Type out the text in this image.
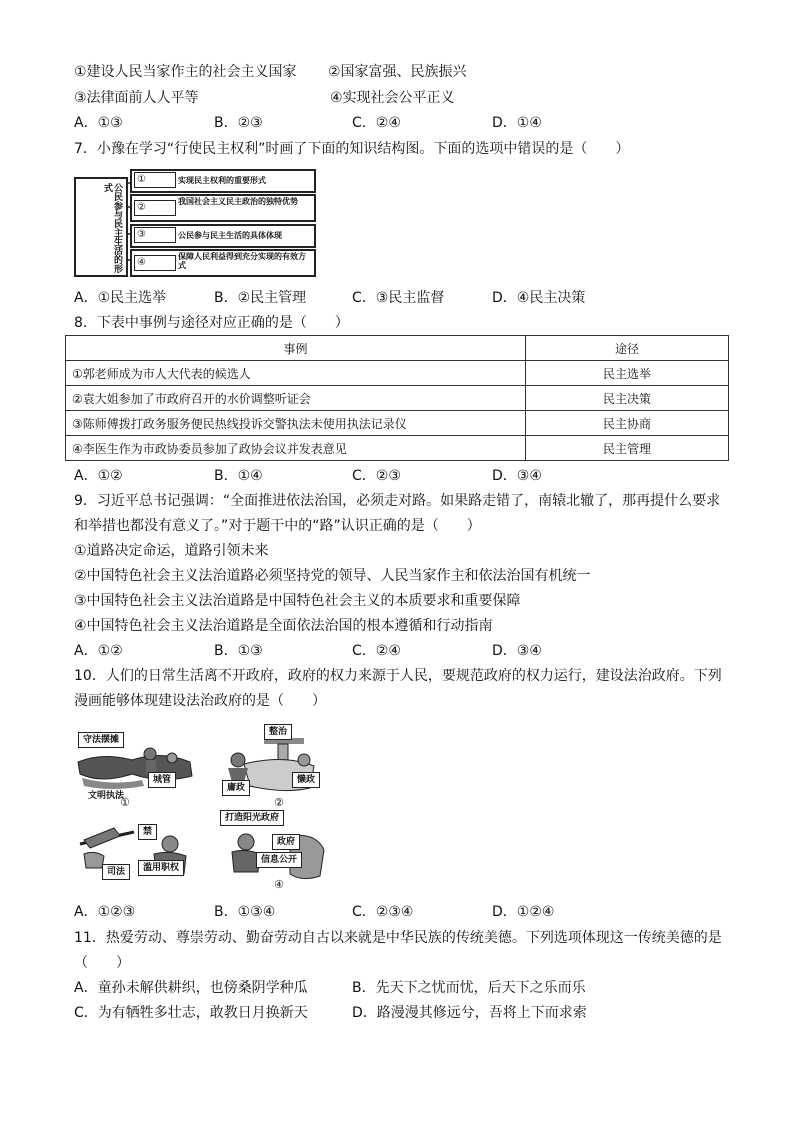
①建设人民当家作主的社会主义国家 ②国家富强、民族振兴
③法律面前人人平等	④实现社会公平正义
A．①③	B．②③	C．②④	D．①④
7．小豫在学习“行使民主权利”时画了下面的知识结构图。下面的选项中错误的是（　　）
公民参与民主生活的形式
①	实现民主权利的重要形式
②
我国社会主义民主政治的独特优势
③	公民参与民主生活的具体体现
④
保障人民利益得到充分实现的有效方式
A．①民主选举	B．②民主管理	C．③民主监督	D．④民主决策
8．下表中事例与途径对应正确的是（　　）
事例	途径
①郭老师成为市人大代表的候选人	民主选举
②袁大姐参加了市政府召开的水价调整听证会	民主决策
③陈师傅拨打政务服务便民热线投诉交警执法未使用执法记录仪	民主协商
④李医生作为市政协委员参加了政协会议并发表意见	民主管理
A．①②	B．①④	C．②③	D．③④
9．习近平总书记强调：“全面推进依法治国，必须走对路。如果路走错了，南辕北辙了，那再提什么要求
和举措也都没有意义了。”对于题干中的“路”认识正确的是（　　）
①道路决定命运，道路引领未来
②中国特色社会主义法治道路必须坚持党的领导、人民当家作主和依法治国有机统一
③中国特色社会主义法治道路是中国特色社会主义的本质要求和重要保障
④中国特色社会主义法治道路是全面依法治国的根本遵循和行动指南
A．①②	B．①③	C．②④	D．③④
10．人们的日常生活离不开政府，政府的权力来源于人民，要规范政府的权力运行，建设法治政府。下列
漫画能够体现建设法治政府的是（　　）
守法摆摊
城管
文明执法
①
整治
庸政
懒政
②
禁
司法	滥用职权
打造阳光政府
政府
信息公开
④
A．①②③	B．①③④	C．②③④	D．①②④
11．热爱劳动、尊崇劳动、勤奋劳动自古以来就是中华民族的传统美德。下列选项体现这一传统美德的是
（　　）
A．童孙未解供耕织，也傍桑阴学种瓜	B．先天下之忧而忧，后天下之乐而乐
C．为有牺牲多壮志，敢教日月换新天	D．路漫漫其修远兮，吾将上下而求索
